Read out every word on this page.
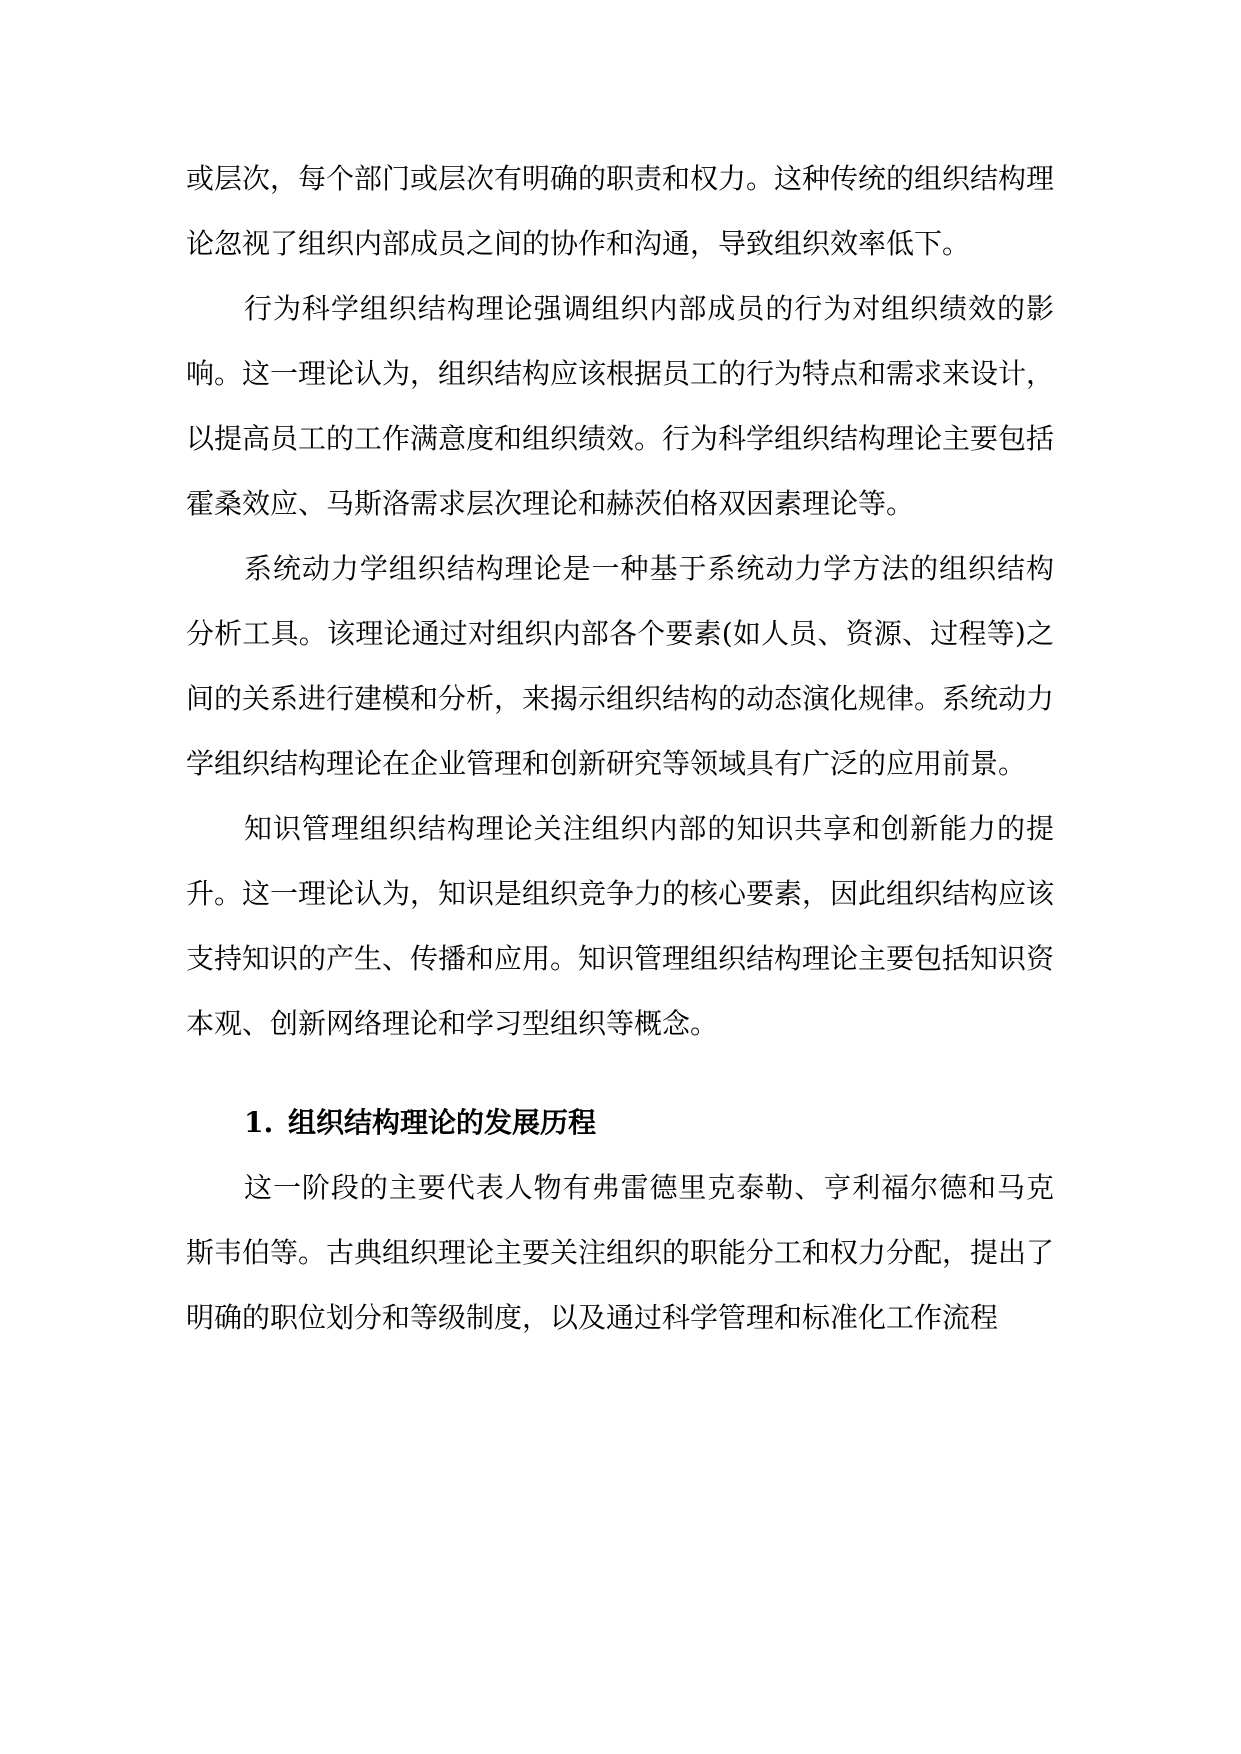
或层次，每个部门或层次有明确的职责和权力。这种传统的组织结构理论忽视了组织内部成员之间的协作和沟通，导致组织效率低下。

行为科学组织结构理论强调组织内部成员的行为对组织绩效的影响。这一理论认为，组织结构应该根据员工的行为特点和需求来设计，以提高员工的工作满意度和组织绩效。行为科学组织结构理论主要包括霍桑效应、马斯洛需求层次理论和赫茨伯格双因素理论等。

系统动力学组织结构理论是一种基于系统动力学方法的组织结构分析工具。该理论通过对组织内部各个要素(如人员、资源、过程等)之间的关系进行建模和分析，来揭示组织结构的动态演化规律。系统动力学组织结构理论在企业管理和创新研究等领域具有广泛的应用前景。

知识管理组织结构理论关注组织内部的知识共享和创新能力的提升。这一理论认为，知识是组织竞争力的核心要素，因此组织结构应该支持知识的产生、传播和应用。知识管理组织结构理论主要包括知识资本观、创新网络理论和学习型组织等概念。

1. 组织结构理论的发展历程

这一阶段的主要代表人物有弗雷德里克泰勒、亨利福尔德和马克斯韦伯等。古典组织理论主要关注组织的职能分工和权力分配，提出了明确的职位划分和等级制度，以及通过科学管理和标准化工作流程
